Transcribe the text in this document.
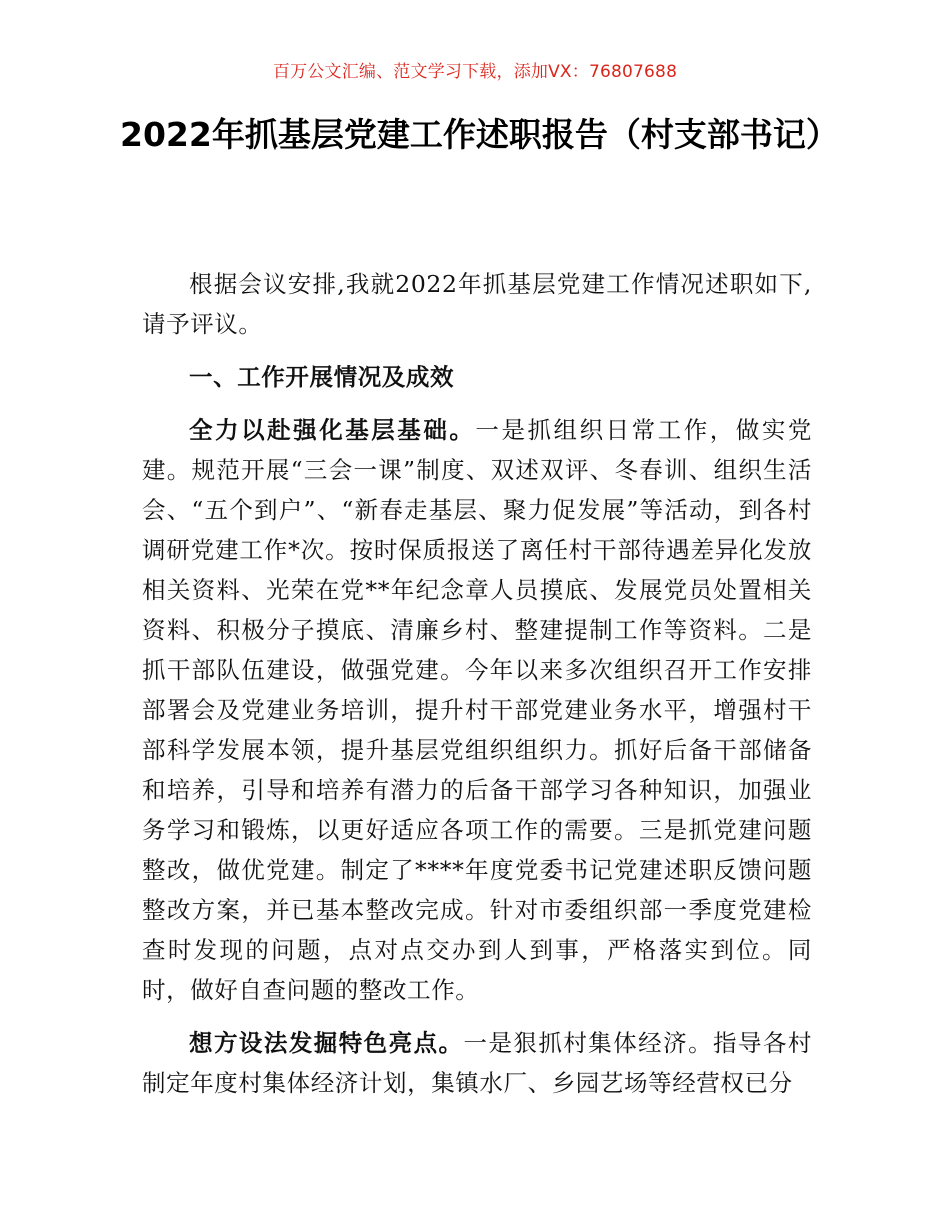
百万公文汇编、范文学习下载，添加VX：76807688
2022年抓基层党建工作述职报告（村支部书记）

根据会议安排,我就2022年抓基层党建工作情况述职如下,请予评议。

一、工作开展情况及成效

全力以赴强化基层基础。一是抓组织日常工作，做实党建。规范开展“三会一课”制度、双述双评、冬春训、组织生活会、“五个到户”、“新春走基层、聚力促发展”等活动，到各村调研党建工作*次。按时保质报送了离任村干部待遇差异化发放相关资料、光荣在党**年纪念章人员摸底、发展党员处置相关资料、积极分子摸底、清廉乡村、整建提制工作等资料。二是抓干部队伍建设，做强党建。今年以来多次组织召开工作安排部署会及党建业务培训，提升村干部党建业务水平，增强村干部科学发展本领，提升基层党组织组织力。抓好后备干部储备和培养，引导和培养有潜力的后备干部学习各种知识，加强业务学习和锻炼，以更好适应各项工作的需要。三是抓党建问题整改，做优党建。制定了****年度党委书记党建述职反馈问题整改方案，并已基本整改完成。针对市委组织部一季度党建检查时发现的问题，点对点交办到人到事，严格落实到位。同时，做好自查问题的整改工作。

想方设法发掘特色亮点。一是狠抓村集体经济。指导各村制定年度村集体经济计划，集镇水厂、乡园艺场等经营权已分
